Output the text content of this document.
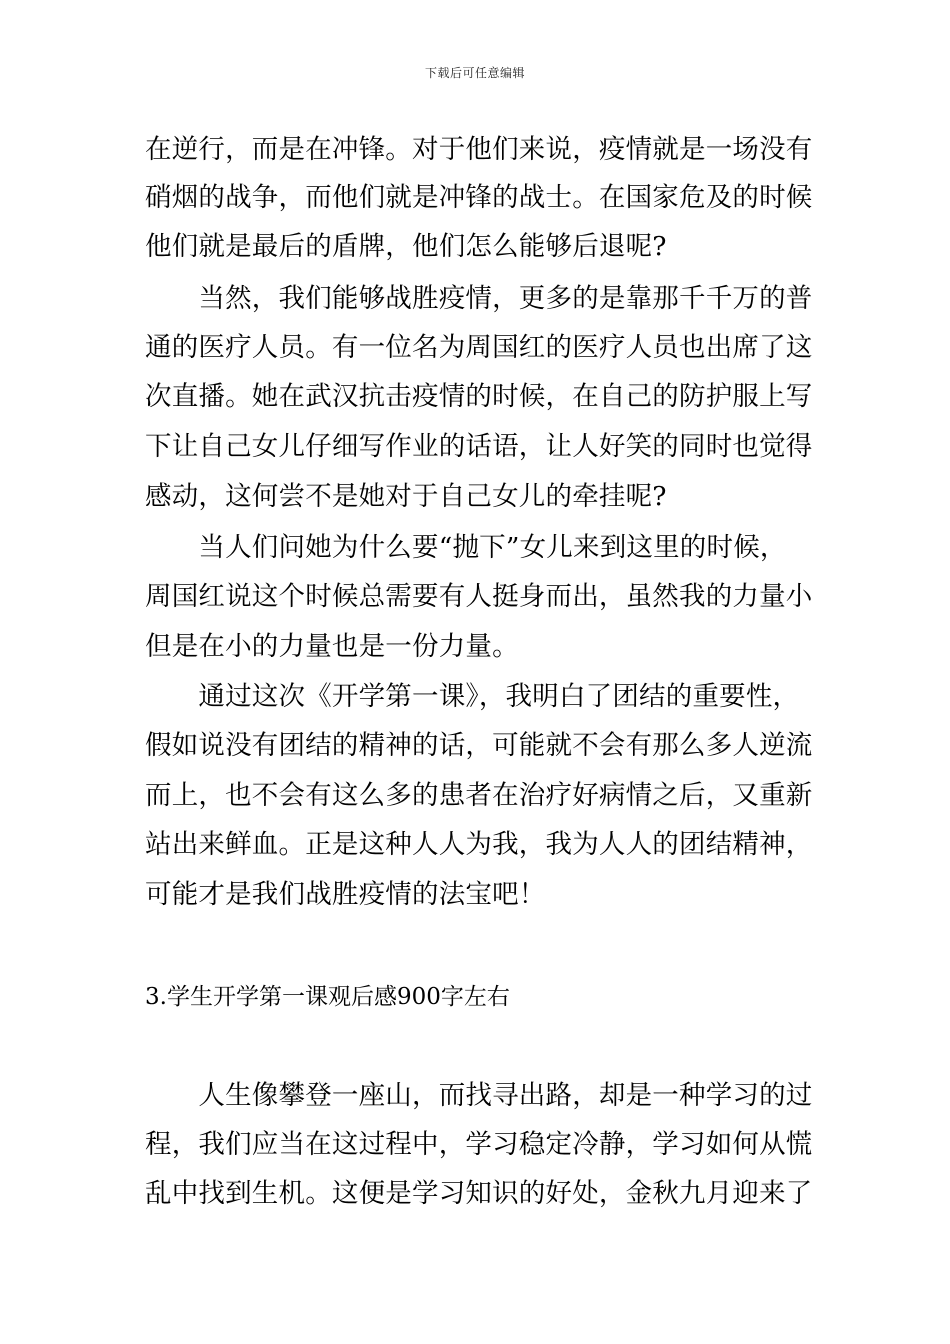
下载后可任意编辑
在逆行，而是在冲锋。对于他们来说，疫情就是一场没有
硝烟的战争，而他们就是冲锋的战士。在国家危及的时候
他们就是最后的盾牌，他们怎么能够后退呢?
　　当然，我们能够战胜疫情，更多的是靠那千千万的普
通的医疗人员。有一位名为周国红的医疗人员也出席了这
次直播。她在武汉抗击疫情的时候，在自己的防护服上写
下让自己女儿仔细写作业的话语，让人好笑的同时也觉得
感动，这何尝不是她对于自己女儿的牵挂呢?
　　当人们问她为什么要“抛下”女儿来到这里的时候，
周国红说这个时候总需要有人挺身而出，虽然我的力量小
但是在小的力量也是一份力量。
　　通过这次《开学第一课》，我明白了团结的重要性，
假如说没有团结的精神的话，可能就不会有那么多人逆流
而上，也不会有这么多的患者在治疗好病情之后，又重新
站出来鲜血。正是这种人人为我，我为人人的团结精神，
可能才是我们战胜疫情的法宝吧！
3.学生开学第一课观后感900字左右
　　人生像攀登一座山，而找寻出路，却是一种学习的过
程，我们应当在这过程中，学习稳定冷静，学习如何从慌
乱中找到生机。这便是学习知识的好处，金秋九月迎来了
